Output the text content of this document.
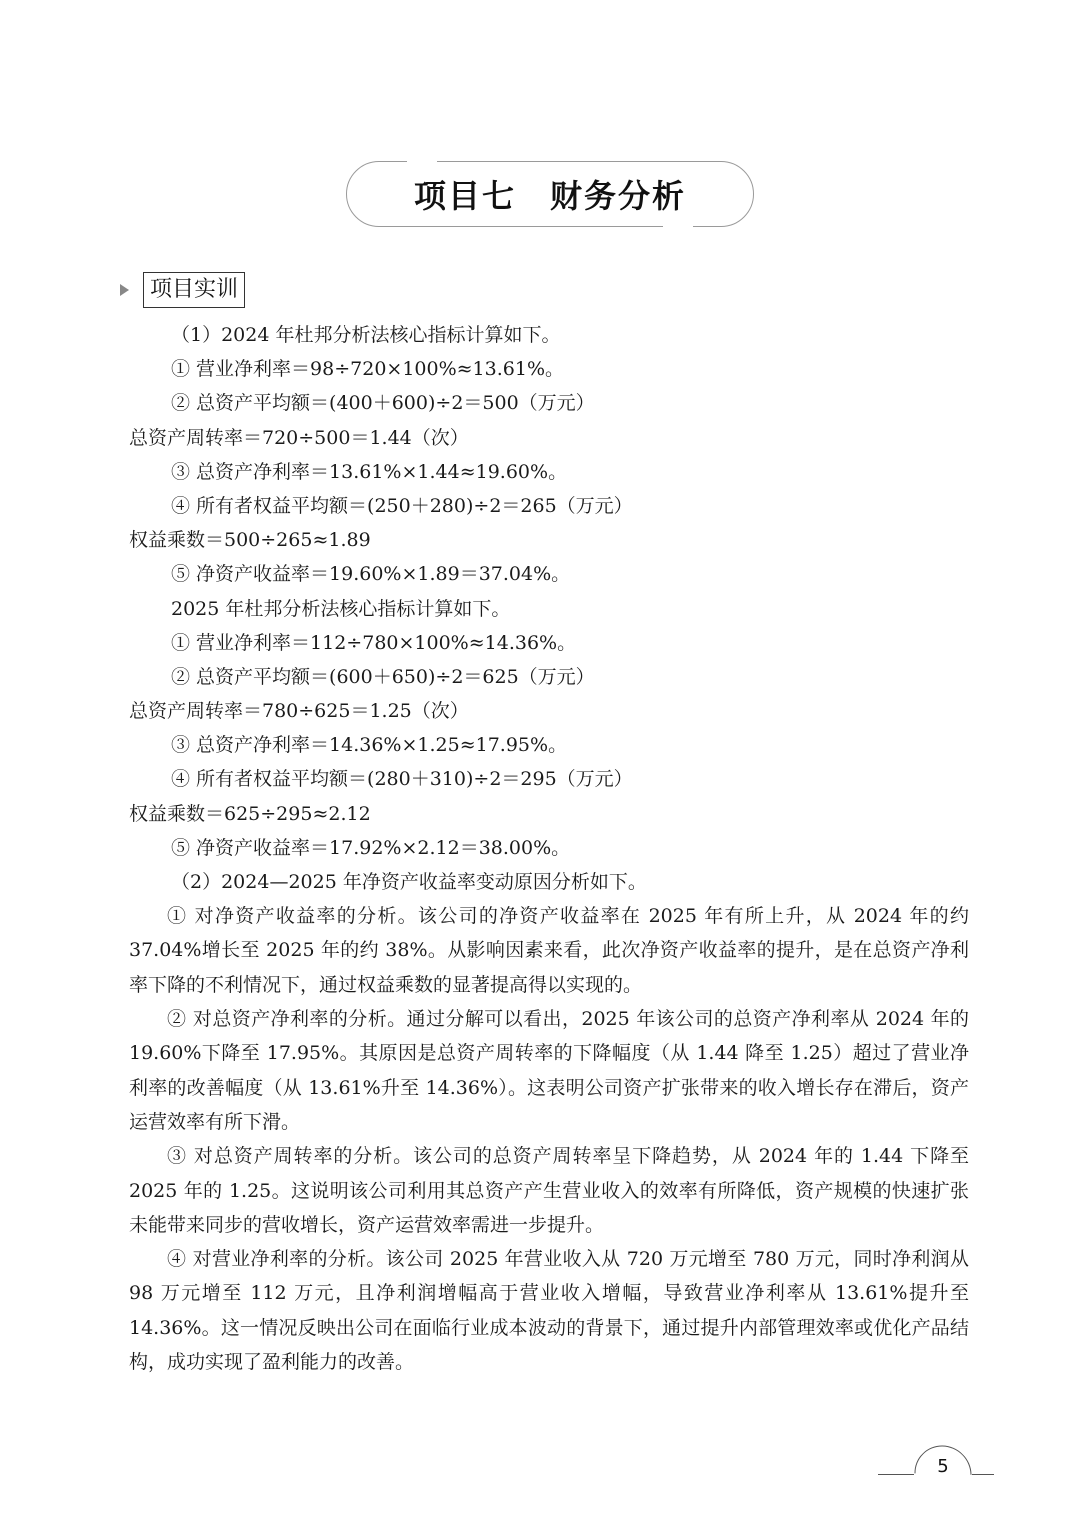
项目七　财务分析
项目实训
（1）2024 年杜邦分析法核心指标计算如下。
① 营业净利率＝98÷720×100%≈13.61%。
② 总资产平均额＝(400＋600)÷2＝500（万元）
总资产周转率＝720÷500＝1.44（次）
③ 总资产净利率＝13.61%×1.44≈19.60%。
④ 所有者权益平均额＝(250＋280)÷2＝265（万元）
权益乘数＝500÷265≈1.89
⑤ 净资产收益率＝19.60%×1.89＝37.04%。
2025 年杜邦分析法核心指标计算如下。
① 营业净利率＝112÷780×100%≈14.36%。
② 总资产平均额＝(600＋650)÷2＝625（万元）
总资产周转率＝780÷625＝1.25（次）
③ 总资产净利率＝14.36%×1.25≈17.95%。
④ 所有者权益平均额＝(280＋310)÷2＝295（万元）
权益乘数＝625÷295≈2.12
⑤ 净资产收益率＝17.92%×2.12＝38.00%。
（2）2024—2025 年净资产收益率变动原因分析如下。

① 对净资产收益率的分析。该公司的净资产收益率在 2025 年有所上升，从 2024 年的约 37.04%增长至 2025 年的约 38%。从影响因素来看，此次净资产收益率的提升，是在总资产净利率下降的不利情况下，通过权益乘数的显著提高得以实现的。

② 对总资产净利率的分析。通过分解可以看出，2025 年该公司的总资产净利率从 2024 年的 19.60%下降至 17.95%。其原因是总资产周转率的下降幅度（从 1.44 降至 1.25）超过了营业净利率的改善幅度（从 13.61%升至 14.36%）。这表明公司资产扩张带来的收入增长存在滞后，资产运营效率有所下滑。

③ 对总资产周转率的分析。该公司的总资产周转率呈下降趋势，从 2024 年的 1.44 下降至 2025 年的 1.25。这说明该公司利用其总资产产生营业收入的效率有所降低，资产规模的快速扩张未能带来同步的营收增长，资产运营效率需进一步提升。

④ 对营业净利率的分析。该公司 2025 年营业收入从 720 万元增至 780 万元，同时净利润从 98 万元增至 112 万元，且净利润增幅高于营业收入增幅，导致营业净利率从 13.61%提升至 14.36%。这一情况反映出公司在面临行业成本波动的背景下，通过提升内部管理效率或优化产品结构，成功实现了盈利能力的改善。

5
